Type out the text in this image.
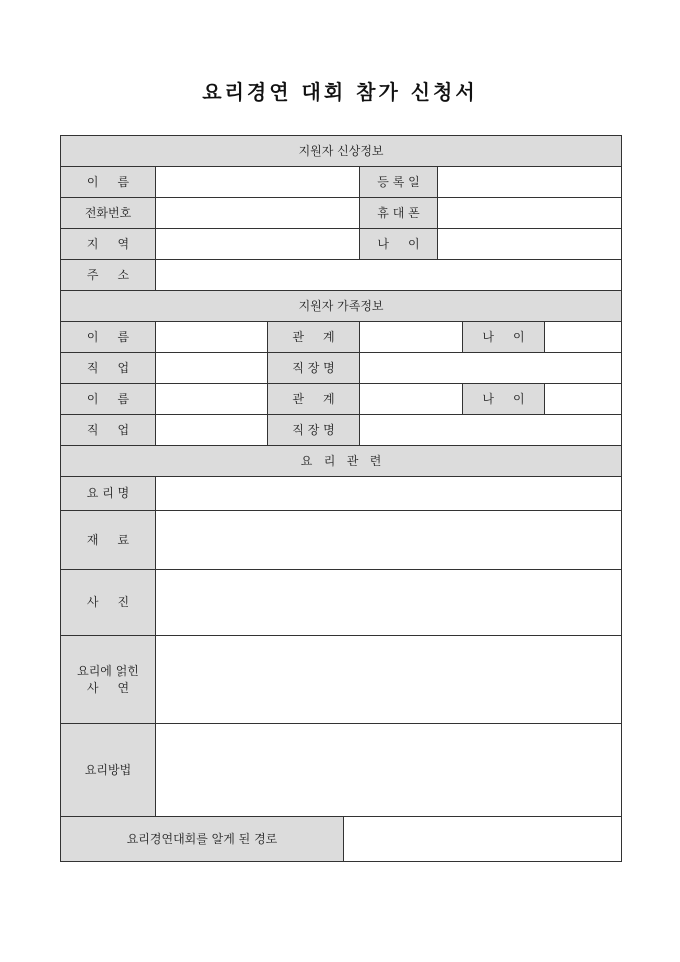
요리경연 대회 참가 신청서
지원자 신상정보							
이     름				등 록 일			
전화번호				휴 대 폰			
지     역				나     이			
주     소							
지원자 가족정보							
이     름		관     계				나     이	
직     업		직 장 명					
이     름		관     계				나     이	
직     업		직 장 명					
요   리   관   련							
요 리 명							
재     료							
사     진							
요리에 얽힌
사     연							
요리방법							
요리경연대회를 알게 된 경로							
